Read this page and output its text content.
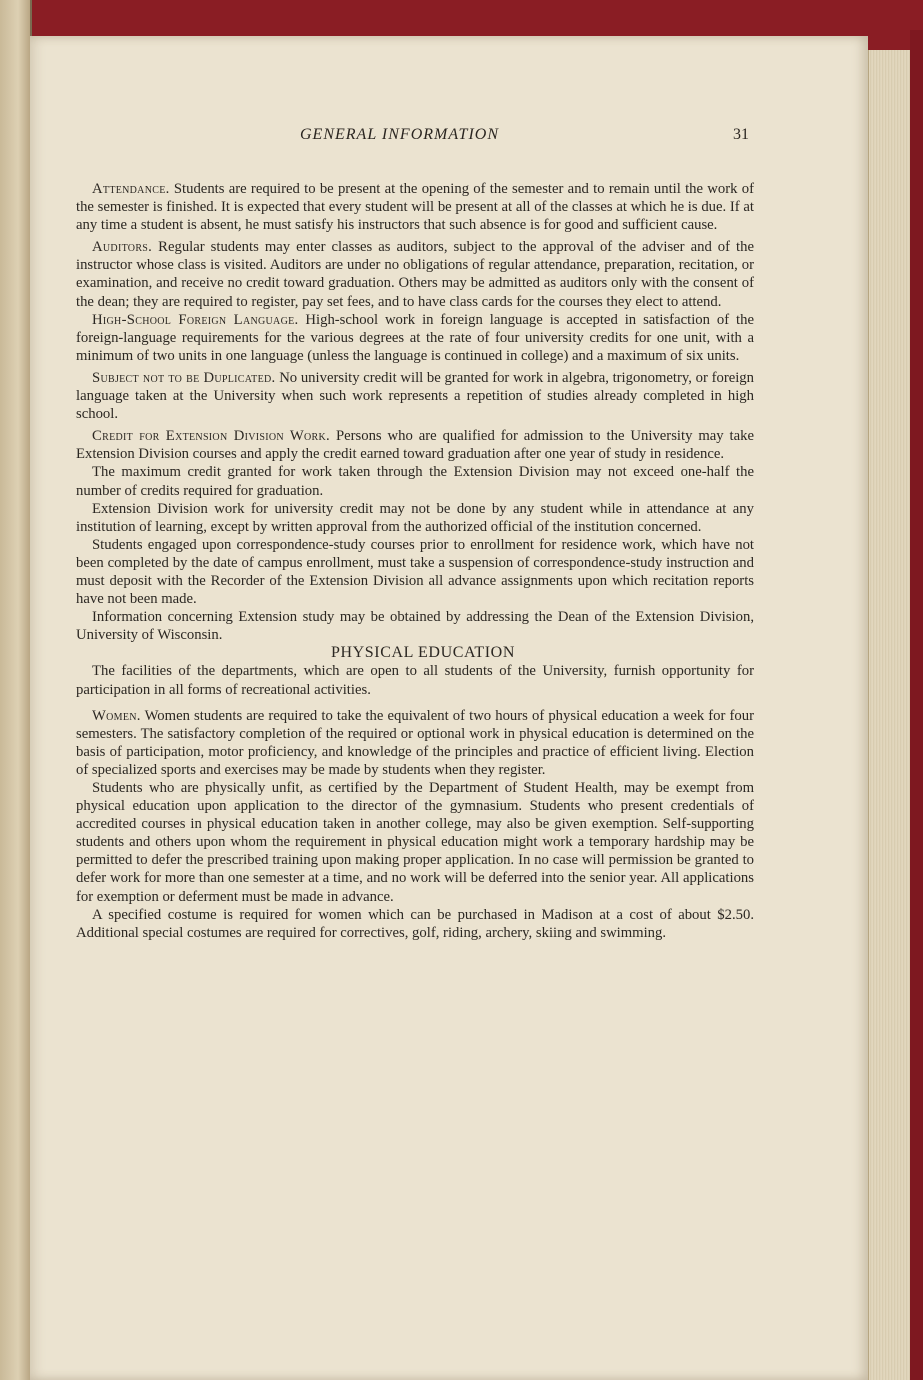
GENERAL INFORMATION	31

Attendance. Students are required to be present at the opening of the semester and to remain until the work of the semester is finished. It is expected that every student will be present at all of the classes at which he is due. If at any time a student is absent, he must satisfy his instructors that such absence is for good and sufficient cause.

Auditors. Regular students may enter classes as auditors, subject to the approval of the adviser and of the instructor whose class is visited. Auditors are under no obligations of regular attendance, preparation, recitation, or examination, and receive no credit toward graduation. Others may be admitted as auditors only with the consent of the dean; they are required to register, pay set fees, and to have class cards for the courses they elect to attend.

High-School Foreign Language. High-school work in foreign language is accepted in satisfaction of the foreign-language requirements for the various degrees at the rate of four university credits for one unit, with a minimum of two units in one language (unless the language is continued in college) and a maximum of six units.

Subject not to be Duplicated. No university credit will be granted for work in algebra, trigonometry, or foreign language taken at the University when such work represents a repetition of studies already completed in high school.

Credit for Extension Division Work. Persons who are qualified for admission to the University may take Extension Division courses and apply the credit earned toward graduation after one year of study in residence.

The maximum credit granted for work taken through the Extension Division may not exceed one-half the number of credits required for graduation.

Extension Division work for university credit may not be done by any student while in attendance at any institution of learning, except by written approval from the authorized official of the institution concerned.

Students engaged upon correspondence-study courses prior to enrollment for residence work, which have not been completed by the date of campus enrollment, must take a suspension of correspondence-study instruction and must deposit with the Recorder of the Extension Division all advance assignments upon which recitation reports have not been made.

Information concerning Extension study may be obtained by addressing the Dean of the Extension Division, University of Wisconsin.

PHYSICAL EDUCATION

The facilities of the departments, which are open to all students of the University, furnish opportunity for participation in all forms of recreational activities.

Women. Women students are required to take the equivalent of two hours of physical education a week for four semesters. The satisfactory completion of the required or optional work in physical education is determined on the basis of participation, motor proficiency, and knowledge of the principles and practice of efficient living. Election of specialized sports and exercises may be made by students when they register.

Students who are physically unfit, as certified by the Department of Student Health, may be exempt from physical education upon application to the director of the gymnasium. Students who present credentials of accredited courses in physical education taken in another college, may also be given exemption. Self-supporting students and others upon whom the requirement in physical education might work a temporary hardship may be permitted to defer the prescribed training upon making proper application. In no case will permission be granted to defer work for more than one semester at a time, and no work will be deferred into the senior year. All applications for exemption or deferment must be made in advance.

A specified costume is required for women which can be purchased in Madison at a cost of about $2.50. Additional special costumes are required for correctives, golf, riding, archery, skiing and swimming.
